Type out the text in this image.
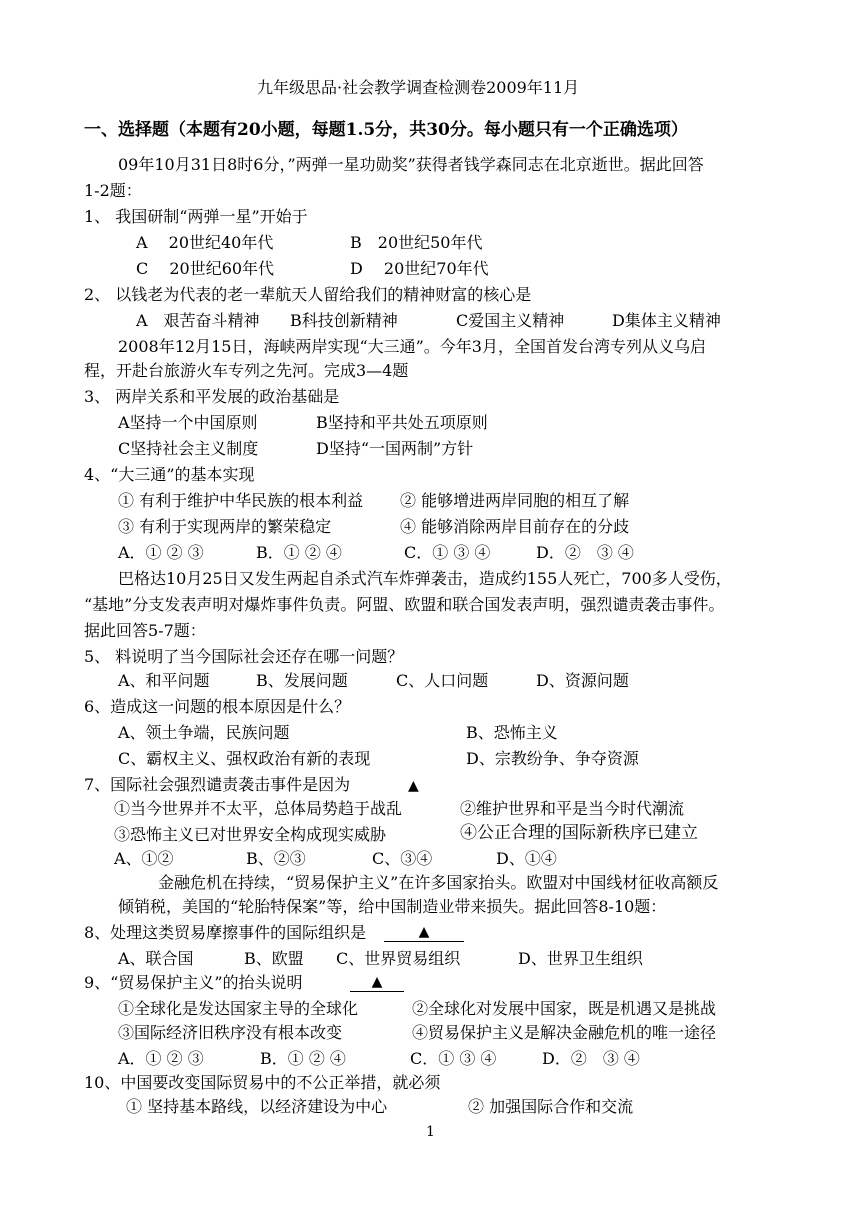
九年级思品·社会教学调查检测卷2009年11月
一、选择题（本题有20小题，每题1.5分，共30分。每小题只有一个正确选项）
09年10月31日8时6分，”两弹一星功勋奖”获得者钱学森同志在北京逝世。据此回答
1-2题：
1、 我国研制“两弹一星”开始于
A　 20世纪40年代	B　20世纪50年代
C　 20世纪60年代	D　 20世纪70年代
2、 以钱老为代表的老一辈航天人留给我们的精神财富的核心是
A　艰苦奋斗精神 B科技创新精神	C爱国主义精神	D集体主义精神
2008年12月15日，海峡两岸实现“大三通”。今年3月，全国首发台湾专列从义乌启
程，开赴台旅游火车专列之先河。完成3—4题
3、 两岸关系和平发展的政治基础是
A坚持一个中国原则	B坚持和平共处五项原则
C坚持社会主义制度	D坚持“一国两制”方针
4、“大三通”的基本实现
① 有利于维护中华民族的根本利益 ② 能够增进两岸同胞的相互了解
③ 有利于实现两岸的繁荣稳定	④ 能够消除两岸目前存在的分歧
A．① ② ③	B．① ② ④	C．① ③ ④	D．②　③ ④
巴格达10月25日又发生两起自杀式汽车炸弹袭击，造成约155人死亡，700多人受伤，
“基地”分支发表声明对爆炸事件负责。阿盟、欧盟和联合国发表声明，强烈谴责袭击事件。
据此回答5-7题：
5、 料说明了当今国际社会还存在哪一问题？
A、和平问题	B、发展问题	C、人口问题	D、资源问题
6、造成这一问题的根本原因是什么？
A、领土争端，民族问题	B、恐怖主义
C、霸权主义、强权政治有新的表现	D、宗教纷争、争夺资源
7、国际社会强烈谴责袭击事件是因为	▲
①当今世界并不太平，总体局势趋于战乱	②维护世界和平是当今时代潮流
③恐怖主义已对世界安全构成现实威胁	④公正合理的国际新秩序已建立
A、①②	B、②③	C、③④	D、①④
金融危机在持续，“贸易保护主义”在许多国家抬头。欧盟对中国线材征收高额反
倾销税，美国的“轮胎特保案”等，给中国制造业带来损失。据此回答8-10题：
8、处理这类贸易摩擦事件的国际组织是	▲
A、联合国	B、欧盟 C、世界贸易组织	D、世界卫生组织
9、“贸易保护主义”的抬头说明	▲
①全球化是发达国家主导的全球化	②全球化对发展中国家，既是机遇又是挑战
③国际经济旧秩序没有根本改变	④贸易保护主义是解决金融危机的唯一途径
A．① ② ③	B．① ② ④	C．① ③ ④	D．②　③ ④
10、中国要改变国际贸易中的不公正举措，就必须
① 坚持基本路线，以经济建设为中心	② 加强国际合作和交流
1
